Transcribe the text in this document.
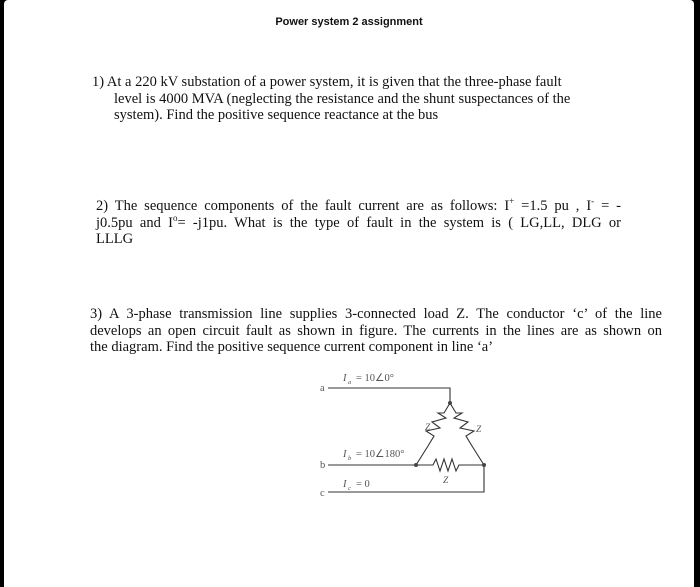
Power system 2 assignment
1) At a 220 kV substation of a power system, it is given that the three-phase fault
level is 4000 MVA (neglecting the resistance and the shunt suspectances of the
system). Find the positive sequence reactance at the bus
2) The sequence components of the fault current are as follows: I+ =1.5 pu , I- = -
j0.5pu and $I^o= -j1pu$. What is the type of fault in the system is ( LG,LL, DLG or
LLLG
3) A 3-phase transmission line supplies 3-connected load Z. The conductor ‘c’ of the line
develops an open circuit fault as shown in figure. The currents in the lines are as shown on
the diagram. Find the positive sequence current component in line ‘a’
a
b
c
I a = 10∠0°
I b = 10∠180°
I c = 0
Z	Z
Z
